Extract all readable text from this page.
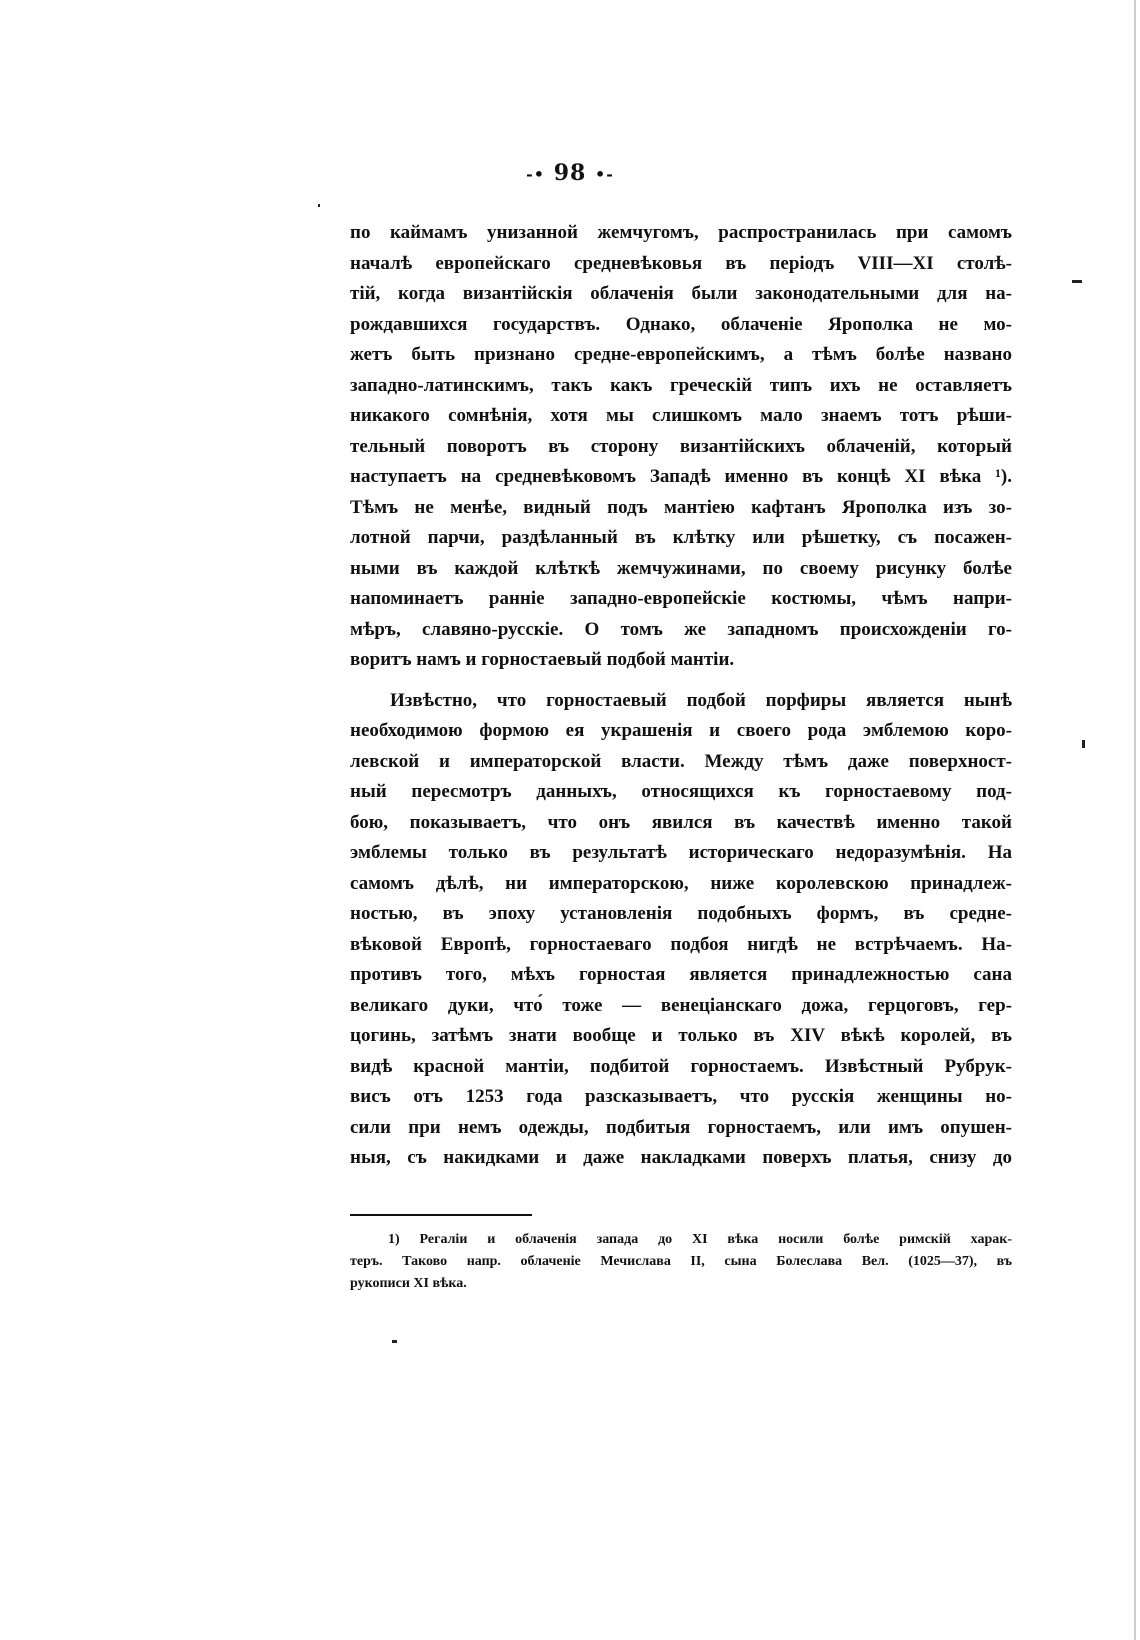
-• 98 •-
по каймамъ унизанной жемчугомъ, распространилась при самомъ
началѣ европейскаго средневѣковья въ періодъ VIII—XI столѣ-
тій, когда византійскія облаченія были законодательными для на-
рождавшихся государствъ. Однако, облаченіе Ярополка не мо-
жетъ быть признано средне-европейскимъ, а тѣмъ болѣе названо
западно-латинскимъ, такъ какъ греческій типъ ихъ не оставляетъ
никакого сомнѣнія, хотя мы слишкомъ мало знаемъ тотъ рѣши-
тельный поворотъ въ сторону византійскихъ облаченій, который
наступаетъ на средневѣковомъ Западѣ именно въ концѣ XI вѣка ¹).
Тѣмъ не менѣе, видный подъ мантіею кафтанъ Ярополка изъ зо-
лотной парчи, раздѣланный въ клѣтку или рѣшетку, съ посажен-
ными въ каждой клѣткѣ жемчужинами, по своему рисунку болѣе
напоминаетъ ранніе западно-европейскіе костюмы, чѣмъ напри-
мѣръ, славяно-русскіе. О томъ же западномъ происхожденіи го-
воритъ намъ и горностаевый подбой мантіи.
Извѣстно, что горностаевый подбой порфиры является нынѣ
необходимою формою ея украшенія и своего рода эмблемою коро-
левской и императорской власти. Между тѣмъ даже поверхност-
ный пересмотръ данныхъ, относящихся къ горностаевому под-
бою, показываетъ, что онъ явился въ качествѣ именно такой
эмблемы только въ результатѣ историческаго недоразумѣнія. На
самомъ дѣлѣ, ни императорскою, ниже королевскою принадлеж-
ностью, въ эпоху установленія подобныхъ формъ, въ средне-
вѣковой Европѣ, горностаеваго подбоя нигдѣ не встрѣчаемъ. На-
противъ того, мѣхъ горностая является принадлежностью сана
великаго дуки, что́ тоже — венеціанскаго дожа, герцоговъ, гер-
цогинь, затѣмъ знати вообще и только въ XIV вѣкѣ королей, въ
видѣ красной мантіи, подбитой горностаемъ. Извѣстный Рубрук-
висъ отъ 1253 года разсказываетъ, что русскія женщины но-
сили при немъ одежды, подбитыя горностаемъ, или имъ опушен-
ныя, съ накидками и даже накладками поверхъ платья, снизу до
1) Регаліи и облаченія запада до XI вѣка носили болѣе римскій харак-
теръ. Таково напр. облаченіе Мечислава II, сына Болеслава Вел. (1025—37), въ
рукописи XI вѣка.
